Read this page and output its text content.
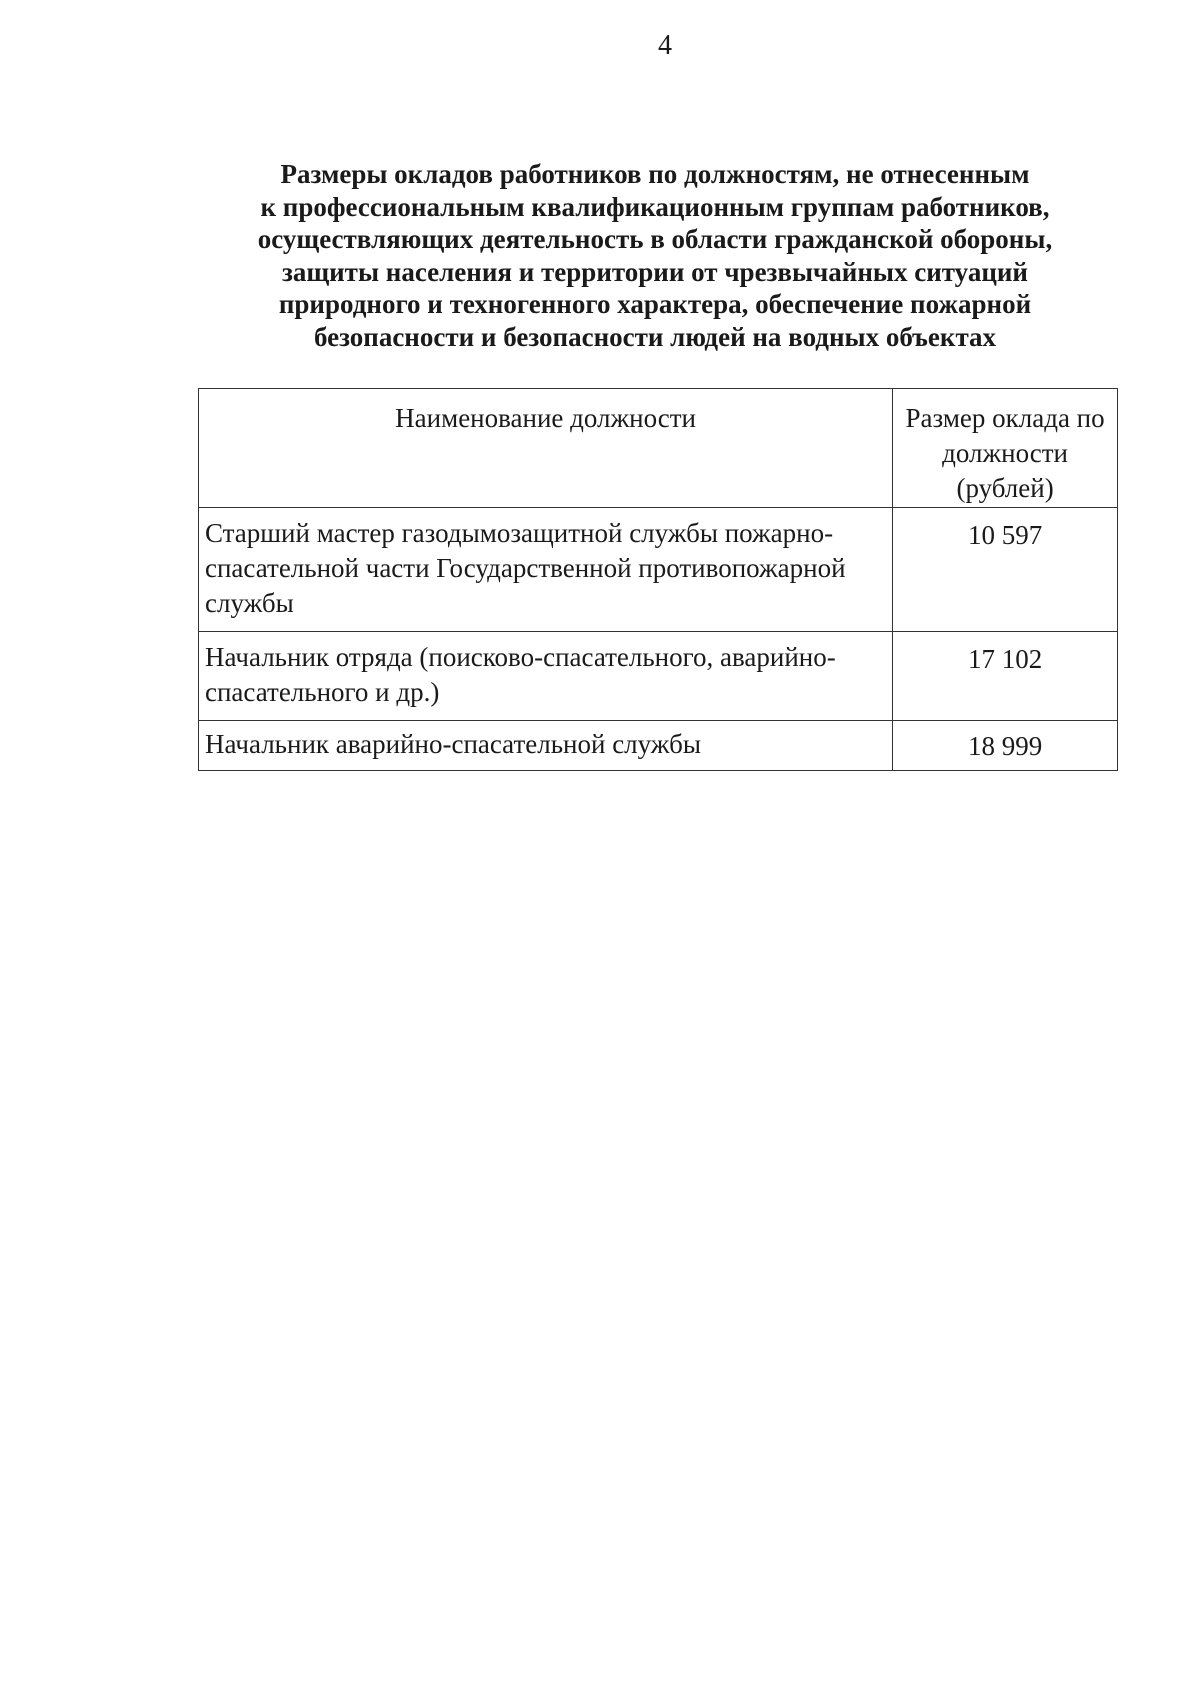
4
Размеры окладов работников по должностям, не отнесенным
к профессиональным квалификационным группам работников,
осуществляющих деятельность в области гражданской обороны,
защиты населения и территории от чрезвычайных ситуаций
природного и техногенного характера, обеспечение пожарной
безопасности и безопасности людей на водных объектах
Наименование должности	Размер оклада по должности (рублей)
Старший мастер газодымозащитной службы пожарно-спасательной части Государственной противопожарной службы	10 597
Начальник отряда (поисково-спасательного, аварийно-спасательного и др.)	17 102
Начальник аварийно-спасательной службы	18 999
